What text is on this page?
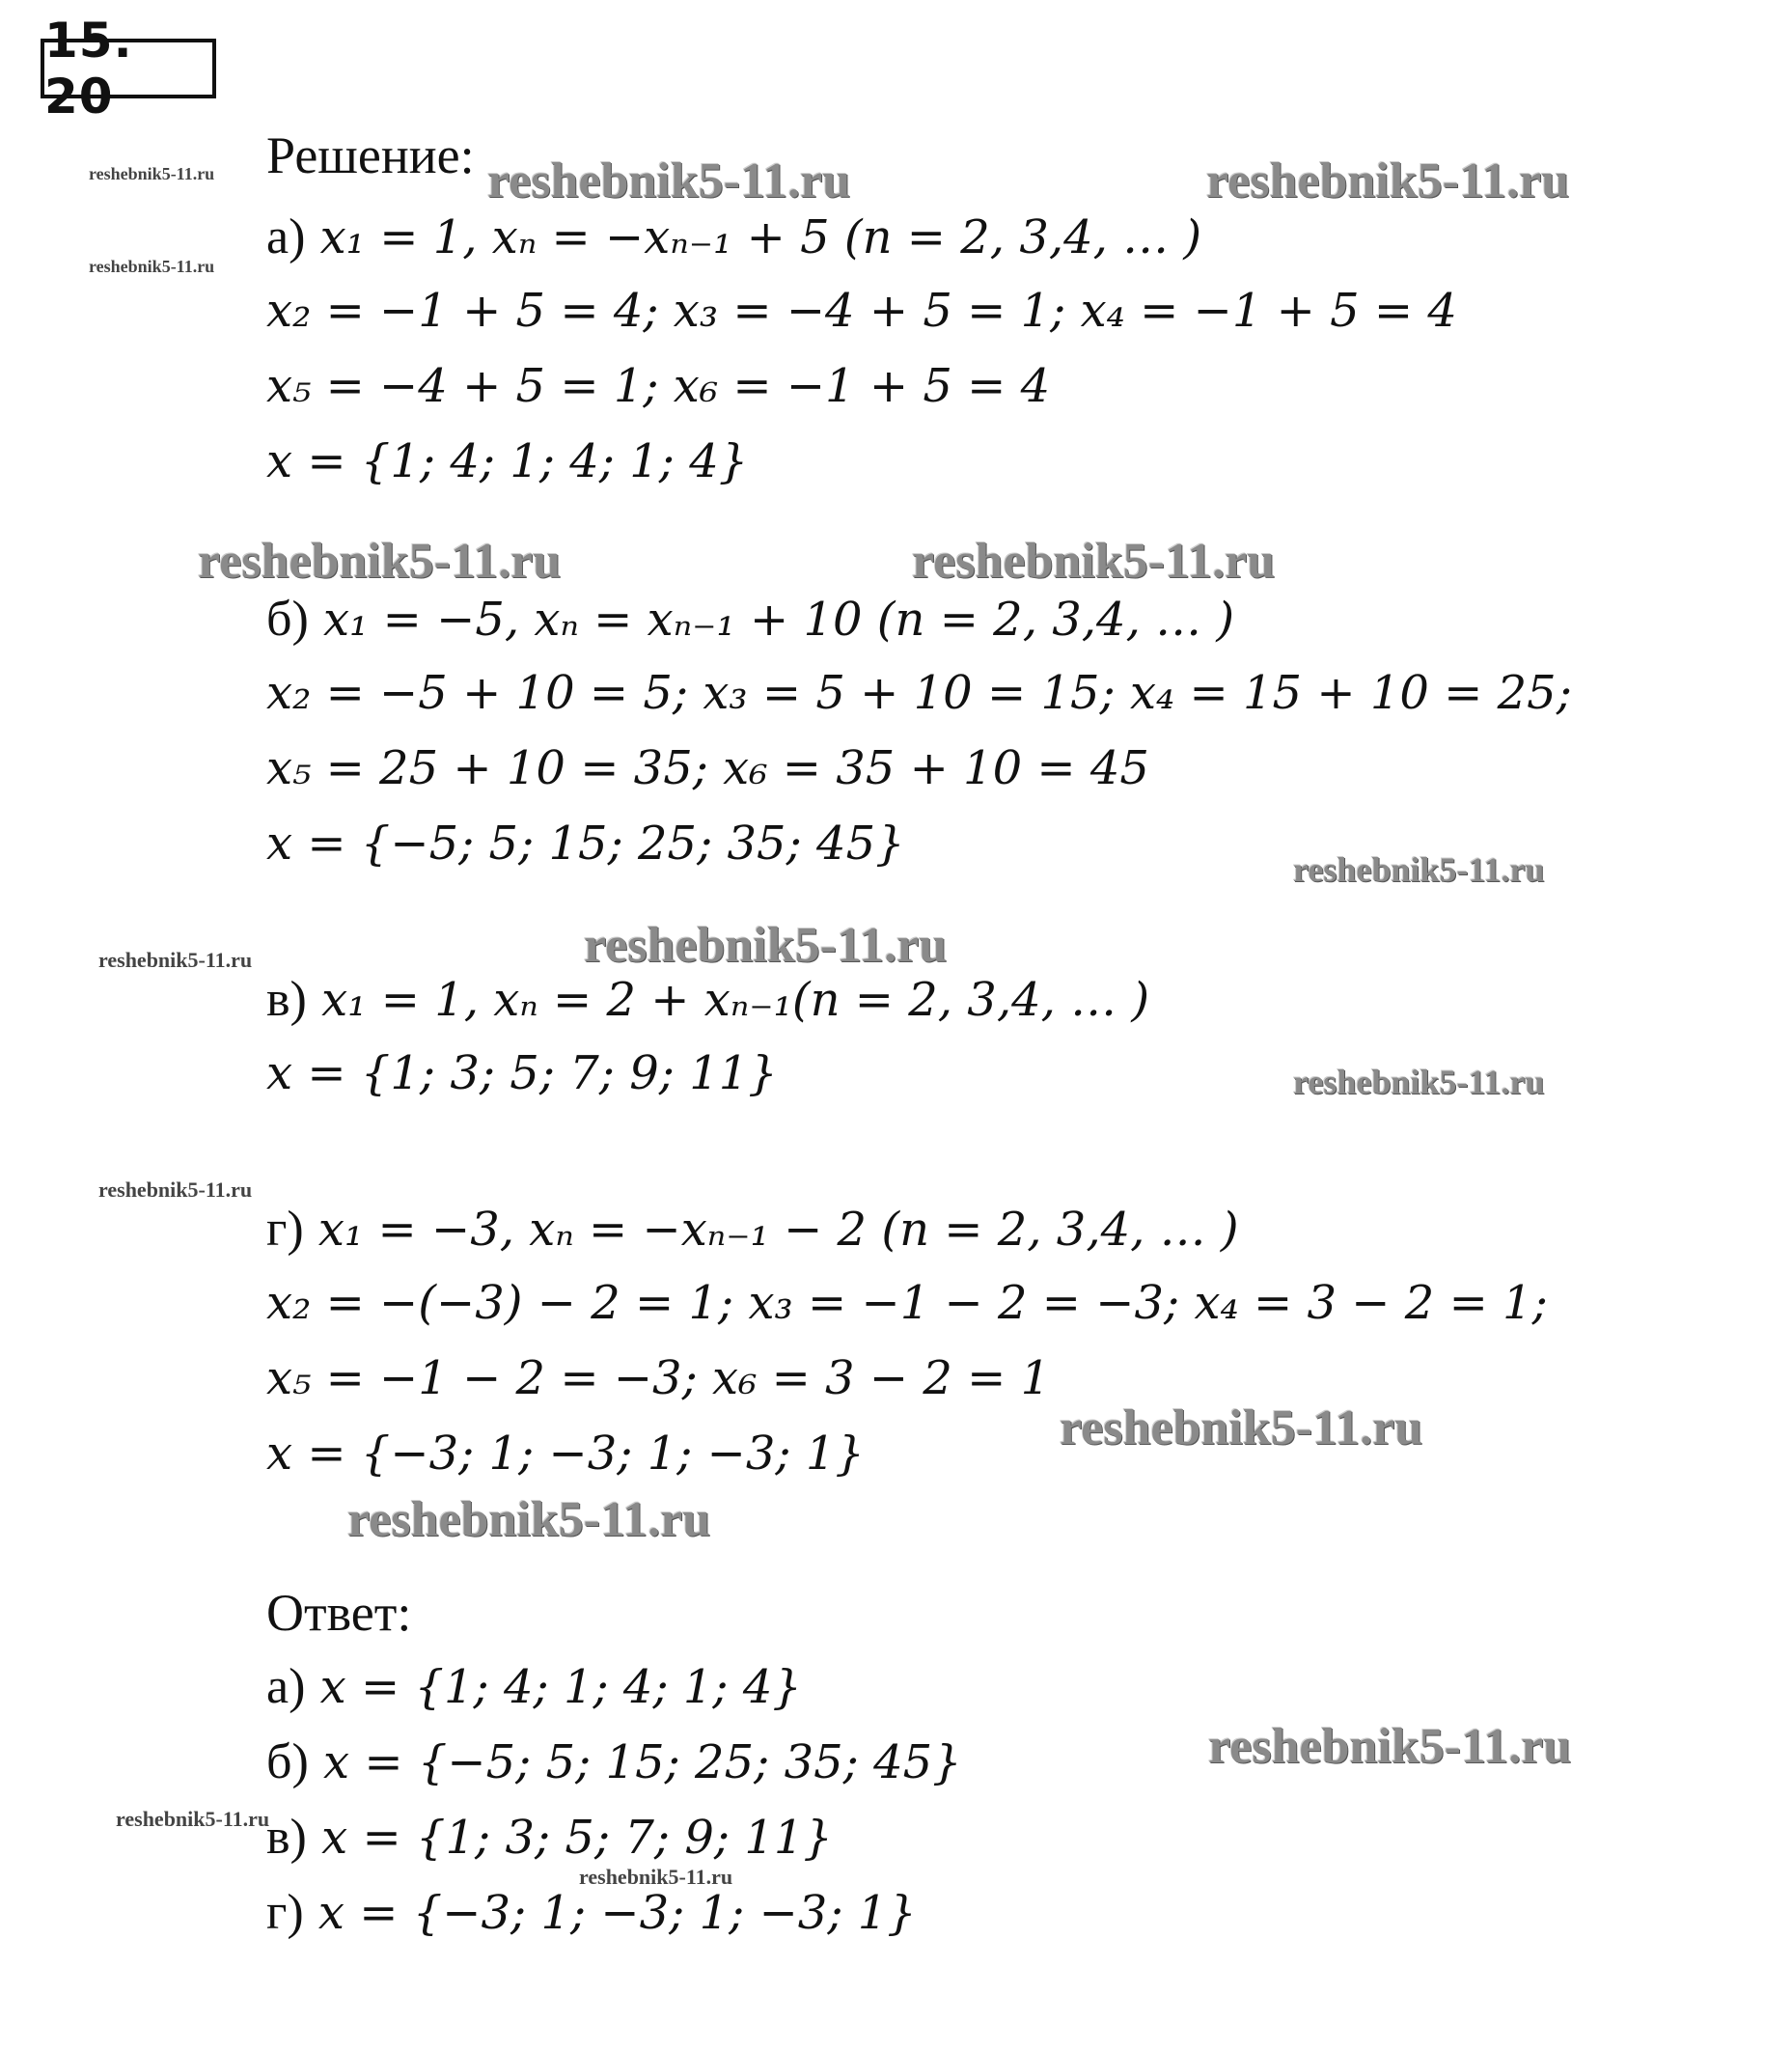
15. 20
Решение:
а) x₁ = 1, xₙ = −xₙ₋₁ + 5 (n = 2, 3,4, … )
x₂ = −1 + 5 = 4; x₃ = −4 + 5 = 1; x₄ = −1 + 5 = 4
x₅ = −4 + 5 = 1; x₆ = −1 + 5 = 4
x = {1; 4; 1; 4; 1; 4}
б) x₁ = −5, xₙ = xₙ₋₁ + 10 (n = 2, 3,4, … )
x₂ = −5 + 10 = 5; x₃ = 5 + 10 = 15; x₄ = 15 + 10 = 25;
x₅ = 25 + 10 = 35; x₆ = 35 + 10 = 45
x = {−5; 5; 15; 25; 35; 45}
в) x₁ = 1, xₙ = 2 + xₙ₋₁(n = 2, 3,4, … )
x = {1; 3; 5; 7; 9; 11}
г) x₁ = −3, xₙ = −xₙ₋₁ − 2 (n = 2, 3,4, … )
x₂ = −(−3) − 2 = 1; x₃ = −1 − 2 = −3; x₄ = 3 − 2 = 1;
x₅ = −1 − 2 = −3; x₆ = 3 − 2 = 1
x = {−3; 1; −3; 1; −3; 1}
Ответ:
а) x = {1; 4; 1; 4; 1; 4}
б) x = {−5; 5; 15; 25; 35; 45}
в) x = {1; 3; 5; 7; 9; 11}
г) x = {−3; 1; −3; 1; −3; 1}
reshebnik5-11.ru	reshebnik5-11.ru
reshebnik5-11.ru
reshebnik5-11.ru
reshebnik5-11.ru	reshebnik5-11.ru
reshebnik5-11.ru
reshebnik5-11.ru
reshebnik5-11.ru
reshebnik5-11.ru
reshebnik5-11.ru
reshebnik5-11.ru
reshebnik5-11.ru
reshebnik5-11.ru
reshebnik5-11.ru
reshebnik5-11.ru
